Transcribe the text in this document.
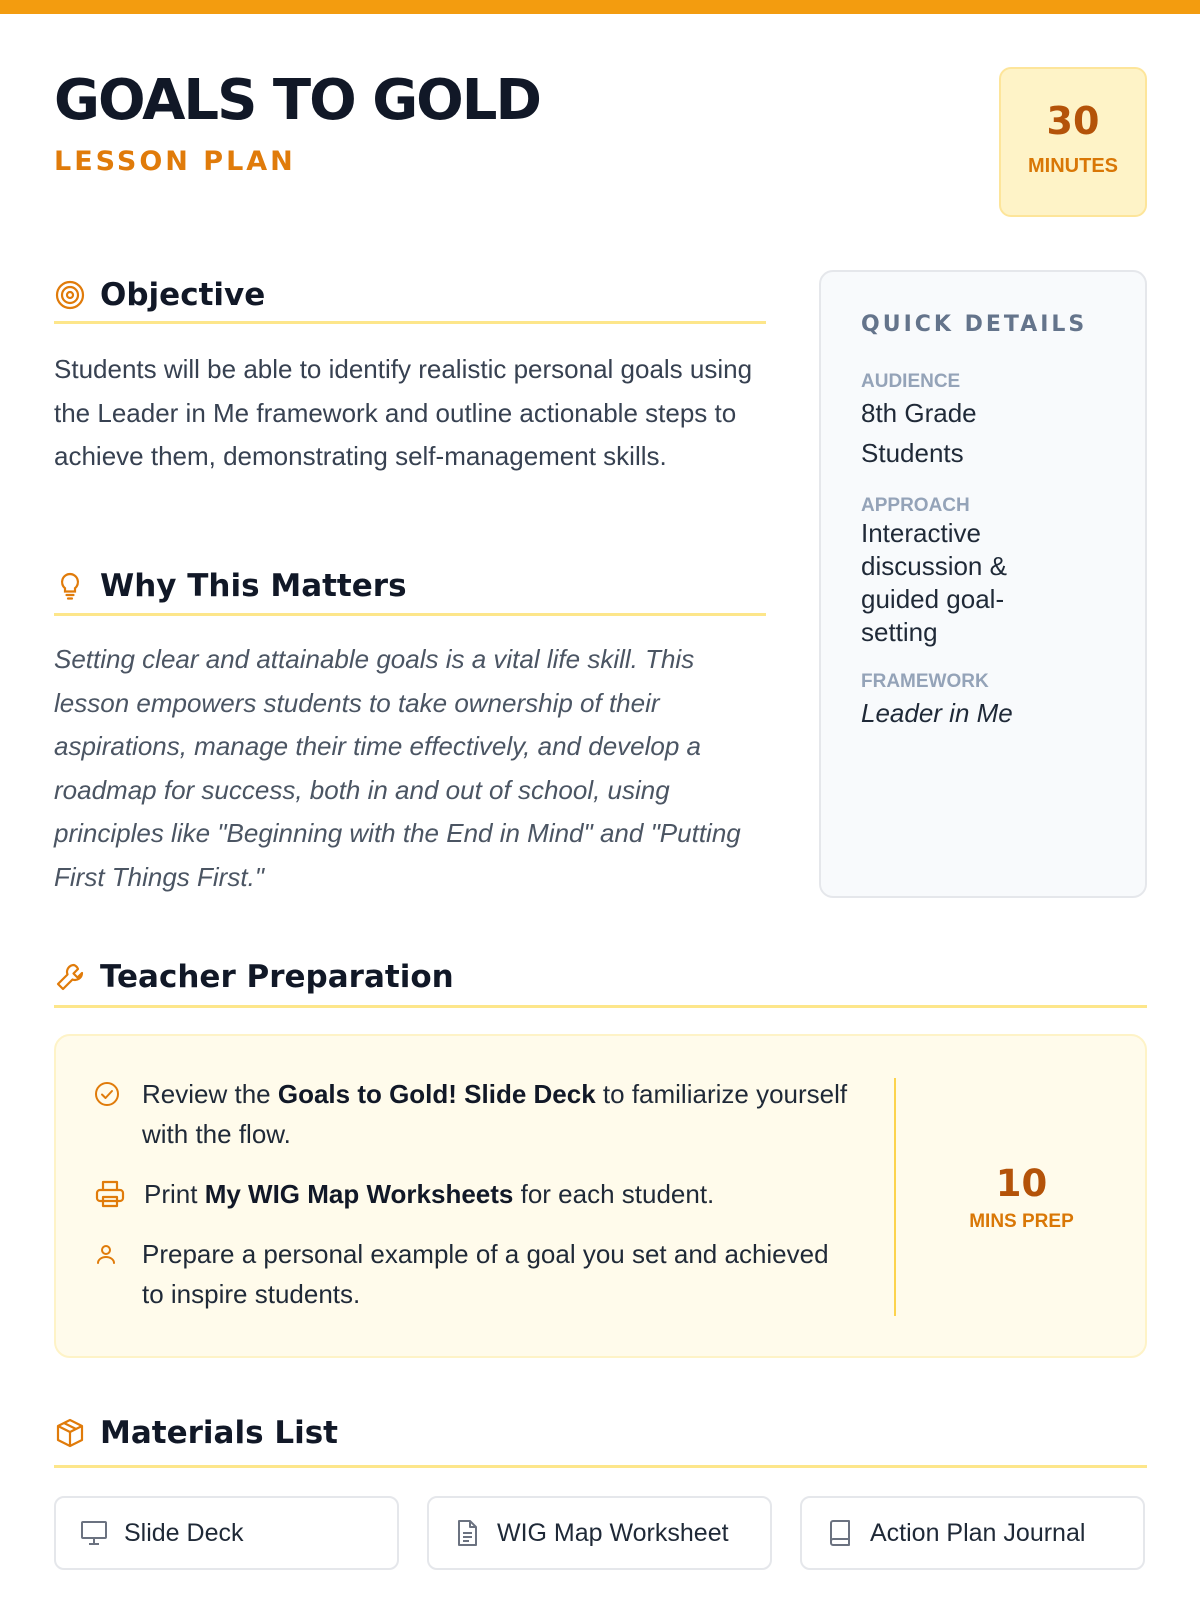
GOALS TO GOLD
LESSON PLAN
30
MINUTES
Objective

Students will be able to identify realistic personal goals using the Leader in Me framework and outline actionable steps to achieve them, demonstrating self-management skills.

Why This Matters

Setting clear and attainable goals is a vital life skill. This lesson empowers students to take ownership of their aspirations, manage their time effectively, and develop a roadmap for success, both in and out of school, using principles like "Beginning with the End in Mind" and "Putting First Things First."

QUICK DETAILS
AUDIENCE
8th Grade Students
APPROACH
Interactive discussion & guided goal-setting
FRAMEWORK
Leader in Me
Teacher Preparation
Review the Goals to Gold! Slide Deck to familiarize yourself with the flow.
Print My WIG Map Worksheets for each student.
Prepare a personal example of a goal you set and achieved to inspire students.
10
MINS PREP
Materials List
Slide Deck	WIG Map Worksheet	Action Plan Journal
